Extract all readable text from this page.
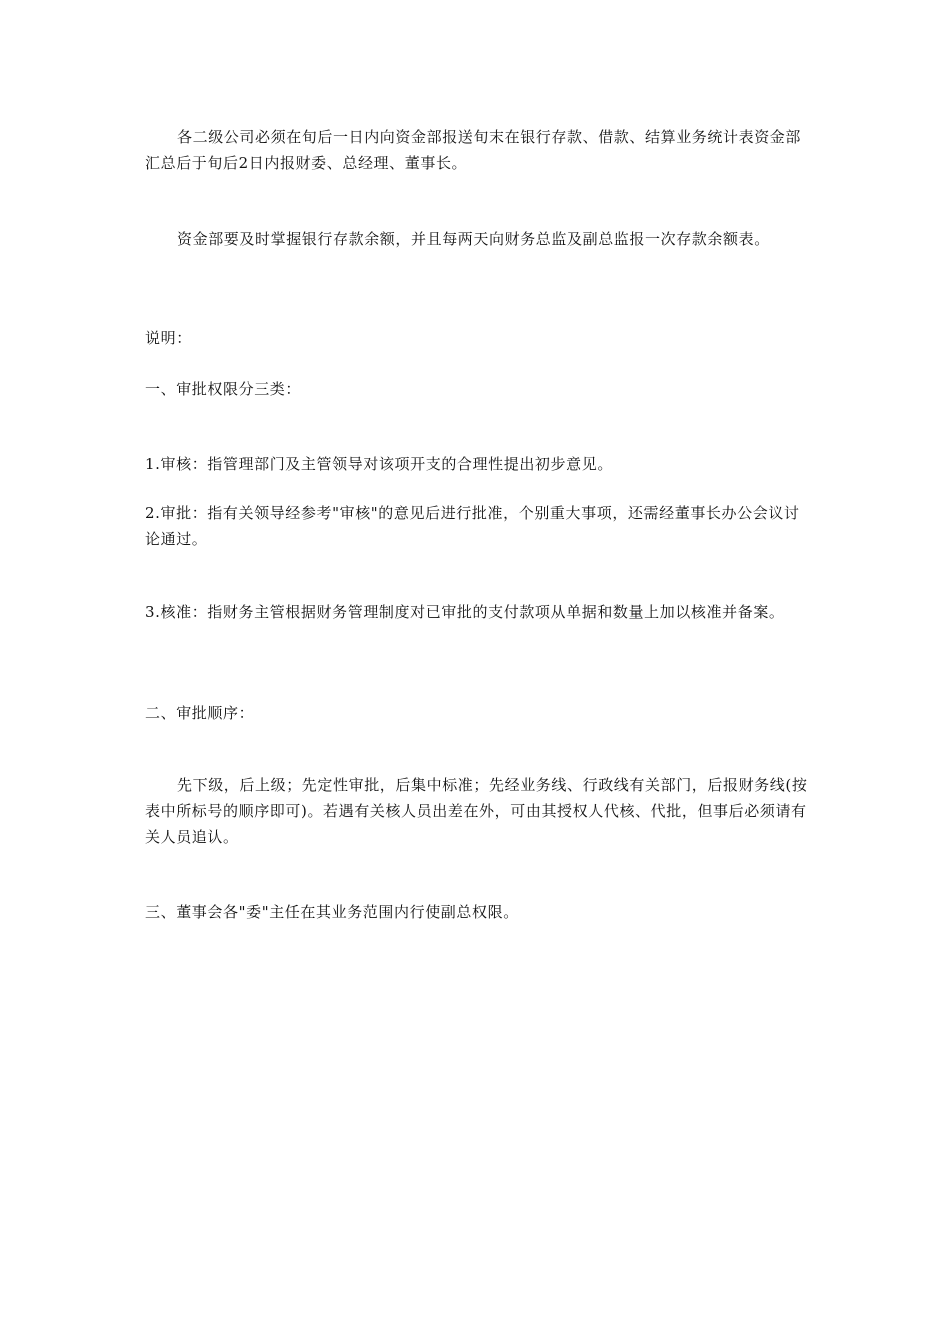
各二级公司必须在旬后一日内向资金部报送旬末在银行存款、借款、结算业务统计表资金部汇总后于旬后2日内报财委、总经理、董事长。

资金部要及时掌握银行存款余额，并且每两天向财务总监及副总监报一次存款余额表。

说明：

一、审批权限分三类：

1.审核：指管理部门及主管领导对该项开支的合理性提出初步意见。

2.审批：指有关领导经参考"审核"的意见后进行批准，个别重大事项，还需经董事长办公会议讨论通过。

3.核准：指财务主管根据财务管理制度对已审批的支付款项从单据和数量上加以核准并备案。

二、审批顺序：

先下级，后上级；先定性审批，后集中标准；先经业务线、行政线有关部门，后报财务线(按表中所标号的顺序即可)。若遇有关核人员出差在外，可由其授权人代核、代批，但事后必须请有关人员追认。

三、董事会各"委"主任在其业务范围内行使副总权限。
